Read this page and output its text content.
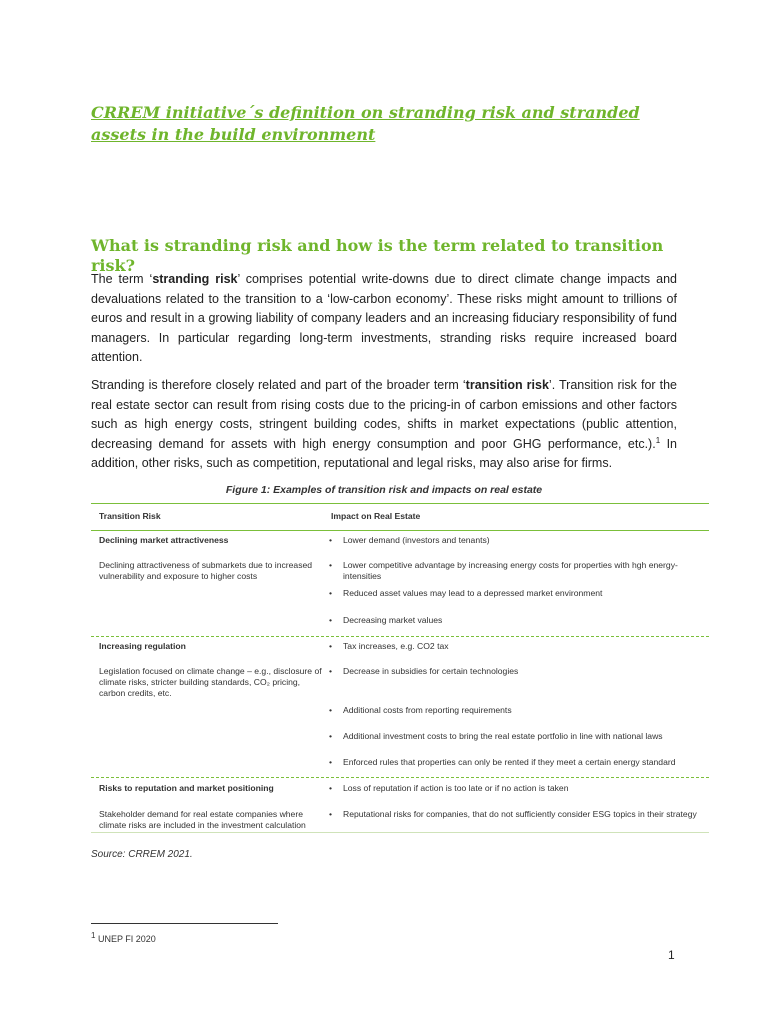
CRREM initiative´s definition on stranding risk and stranded assets in the build environment
What is stranding risk and how is the term related to transition risk?
The term ‘stranding risk’ comprises potential write-downs due to direct climate change impacts and devaluations related to the transition to a ‘low-carbon economy’. These risks might amount to trillions of euros and result in a growing liability of company leaders and an increasing fiduciary responsibility of fund managers. In particular regarding long-term investments, stranding risks require increased board attention.
Stranding is therefore closely related and part of the broader term ‘transition risk’. Transition risk for the real estate sector can result from rising costs due to the pricing-in of carbon emissions and other factors such as high energy costs, stringent building codes, shifts in market expectations (public attention, decreasing demand for assets with high energy consumption and poor GHG performance, etc.).$^1$ In addition, other risks, such as competition, reputational and legal risks, may also arise for firms.
Figure 1: Examples of transition risk and impacts on real estate
Transition Risk	Impact on Real Estate
Declining market attractiveness
Declining attractiveness of submarkets due to increased vulnerability and exposure to higher costs
• Lower demand (investors and tenants)
• Lower competitive advantage by increasing energy costs for properties with hgh energy-intensities
• Reduced asset values may lead to a depressed market environment
• Decreasing market values
Increasing regulation
Legislation focused on climate change – e.g., disclosure of climate risks, stricter building standards, CO₂ pricing, carbon credits, etc.
• Tax increases, e.g. CO2 tax
• Decrease in subsidies for certain technologies
• Additional costs from reporting requirements
• Additional investment costs to bring the real estate portfolio in line with national laws
• Enforced rules that properties can only be rented if they meet a certain energy standard
Risks to reputation and market positioning
Stakeholder demand for real estate companies where climate risks are included in the investment calculation
• Loss of reputation if action is too late or if no action is taken
• Reputational risks for companies, that do not sufficiently consider ESG topics in their strategy
Source: CRREM 2021.
$^1$ UNEP FI 2020
1
